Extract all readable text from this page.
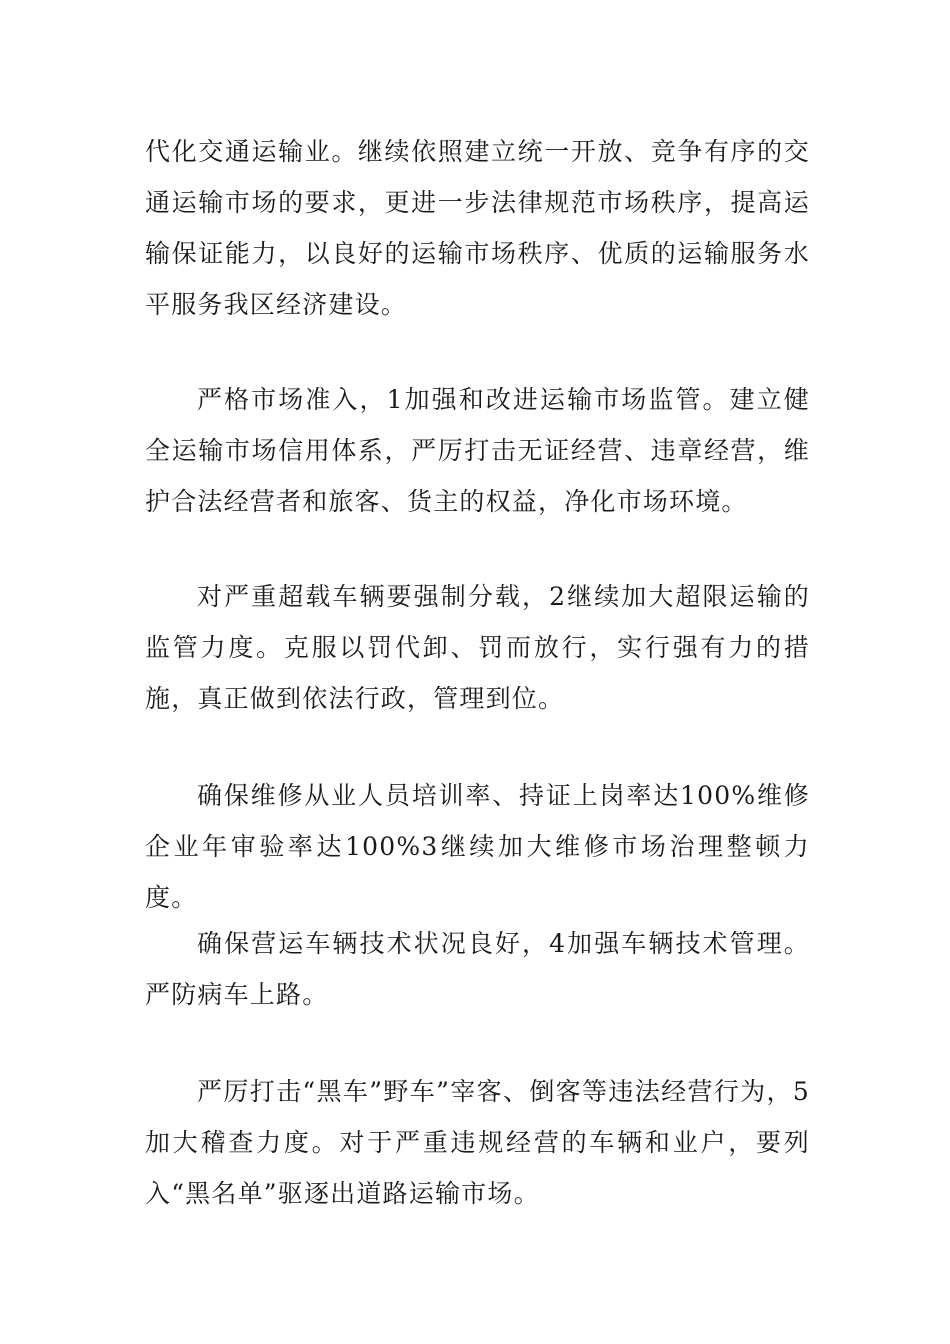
代化交通运输业。继续依照建立统一开放、竞争有序的交通运输市场的要求，更进一步法律规范市场秩序，提高运输保证能力，以良好的运输市场秩序、优质的运输服务水平服务我区经济建设。

严格市场准入，1加强和改进运输市场监管。建立健全运输市场信用体系，严厉打击无证经营、违章经营，维护合法经营者和旅客、货主的权益，净化市场环境。

对严重超载车辆要强制分载，2继续加大超限运输的监管力度。克服以罚代卸、罚而放行，实行强有力的措施，真正做到依法行政，管理到位。

确保维修从业人员培训率、持证上岗率达100%维修企业年审验率达100%3继续加大维修市场治理整顿力度。

确保营运车辆技术状况良好，4加强车辆技术管理。严防病车上路。

严厉打击“黑车”野车”宰客、倒客等违法经营行为，5加大稽查力度。对于严重违规经营的车辆和业户，要列入“黑名单”驱逐出道路运输市场。
